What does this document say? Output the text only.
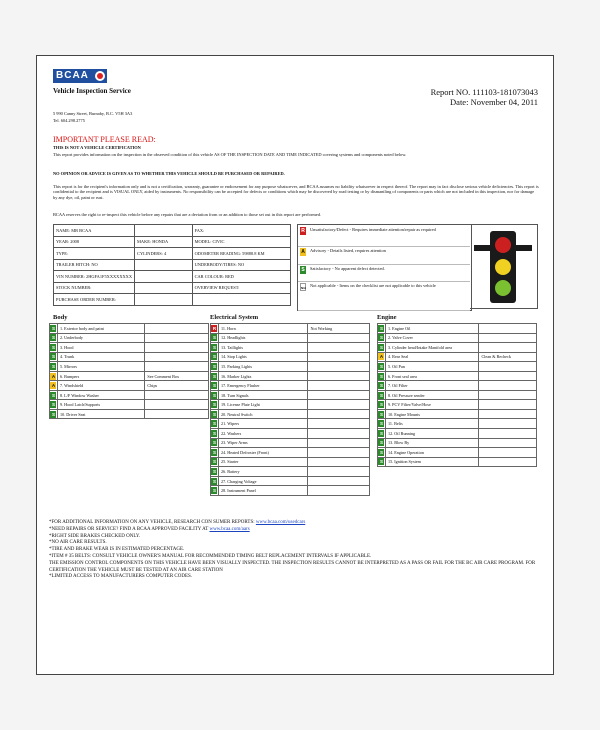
BCAA
Vehicle Inspection Service
5 990 Canny Street, Burnaby, B.C. V5H 3A3
Tel. 604.298.2775
Report NO. 111103-181073043
Date: November 04, 2011
IMPORTANT PLEASE READ:
THIS IS NOT A VEHICLE CERTIFICATION
This report provides information on the inspection in the observed condition of this vehicle AS OF THE INSPECTION DATE AND TIME INDICATED covering systems and components noted below.
NO OPINION OR ADVICE IS GIVEN AS TO WHETHER THIS VEHICLE SHOULD BE PURCHASED OR REPAIRED.
This report is for the recipient's information only and is not a certification, warranty, guarantee or endorsement for any purpose whatsoever, and BCAA assumes no liability whatsoever in respect thereof. The report may in fact disclose serious vehicle deficiencies. This report is confidential to the recipient and is VISUAL ONLY, aided by instruments. No responsibility can be accepted for defects or conditions which may be discovered by road testing or by dismantling of components or parts which are not included in this inspection, nor for damage by any dye, oil, paint or rust.
BCAA reserves the right to re-inspect this vehicle before any repairs that are a deviation from or an addition to those set out in this report are performed.
NAME: MR BCAA		FAX:
YEAR: 2008	MAKE: HONDA	MODEL: CIVIC
TYPE:	CYLINDERS: 4	ODOMETER READING: 59888.8 KM
TRAILER HITCH: NO		UNDERBODY/TIRES: NO
VIN NUMBER: 2HGFA1F5XXXXXXXX		CAR COLOUR: RED
STOCK NUMBER:		OVERVIEW REQUEST:
PURCHASE ORDER NUMBER:		
R Unsatisfactory/Defect - Requires immediate attention/repair as required
A Advisory - Details listed, requires attention
S	Satisfactory - No apparent defect detected.
N/A Not applicable - Items on the checklist are not applicable to this vehicle
Body	Electrical System	Engine
S	1. Exterior body and paint	

S	2. Underbody	

S	3. Hood	

S	4. Trunk	

S	5. Mirrors	

A	6. Bumpers	See Comment Box

A	7. Windshield	Chips

S	8. L/F Window Washer	

S	9. Hood Latch/Supports	

S	10. Driver Seat	
R	11. Horn	Not Working

S	12. Headlights	

S	13. Taillights	

S	14. Stop Lights	

S	15. Parking Lights	

S	16. Marker Lights	

S	17. Emergency Flasher	

S	18. Turn Signals	

S	19. License Plate Light	

S	20. Neutral Switch	

S	21. Wipers	

S	22. Washers	

S	23. Wiper Arms	

S	24. Heated Defroster (Front)	

S	25. Starter	

S	26. Battery	

S	27. Charging Voltage	

S	28. Instrument Panel	
S	1. Engine Oil	

S	2. Valve Cover	

S	3. Cylinder head/Intake Manifold area	

A	4. Rear Seal	Clean & Recheck

S	5. Oil Pan	

S	6. Front seal area	

S	7. Oil Filter	

S	8. Oil Pressure sender	

S	9. PCV Filter/Valve/Hose	

S	10. Engine Mounts	

S	11. Belts	

S	12. Oil Running	

S	13. Blow By	

S	14. Engine Operation	

S	15. Ignition System	
*FOR ADDITIONAL INFORMATION ON ANY VEHICLE, RESEARCH CON SUMER REPORTS: www.bcaa.com/usedcars
*NEED REPAIRS OR SERVICE? FIND A BCAA APPROVED FACILITY AT www.bcaa.com/aars
*RIGHT SIDE BRAKES CHECKED ONLY.
*NO AIR CARE RESULTS.
*TIRE AND BRAKE WEAR IS IN ESTIMATED PERCENTAGE.
*ITEM # 35 BELTS: CONSULT VEHICLE OWNER'S MANUAL FOR RECOMMENDED TIMING BELT REPLACEMENT INTERVALS IF APPLICABLE.
THE EMISSION CONTROL COMPONENTS ON THIS VEHICLE HAVE BEEN VISUALLY INSPECTED. THE INSPECTION RESULTS CANNOT BE INTERPRETED AS A PASS OR FAIL FOR THE BC AIR CARE PROGRAM. FOR CERTIFICATION THE VEHICLE MUST BE TESTED AT AN AIR CARE STATION
*LIMITED ACCESS TO MANUFACTURERS COMPUTER CODES.
